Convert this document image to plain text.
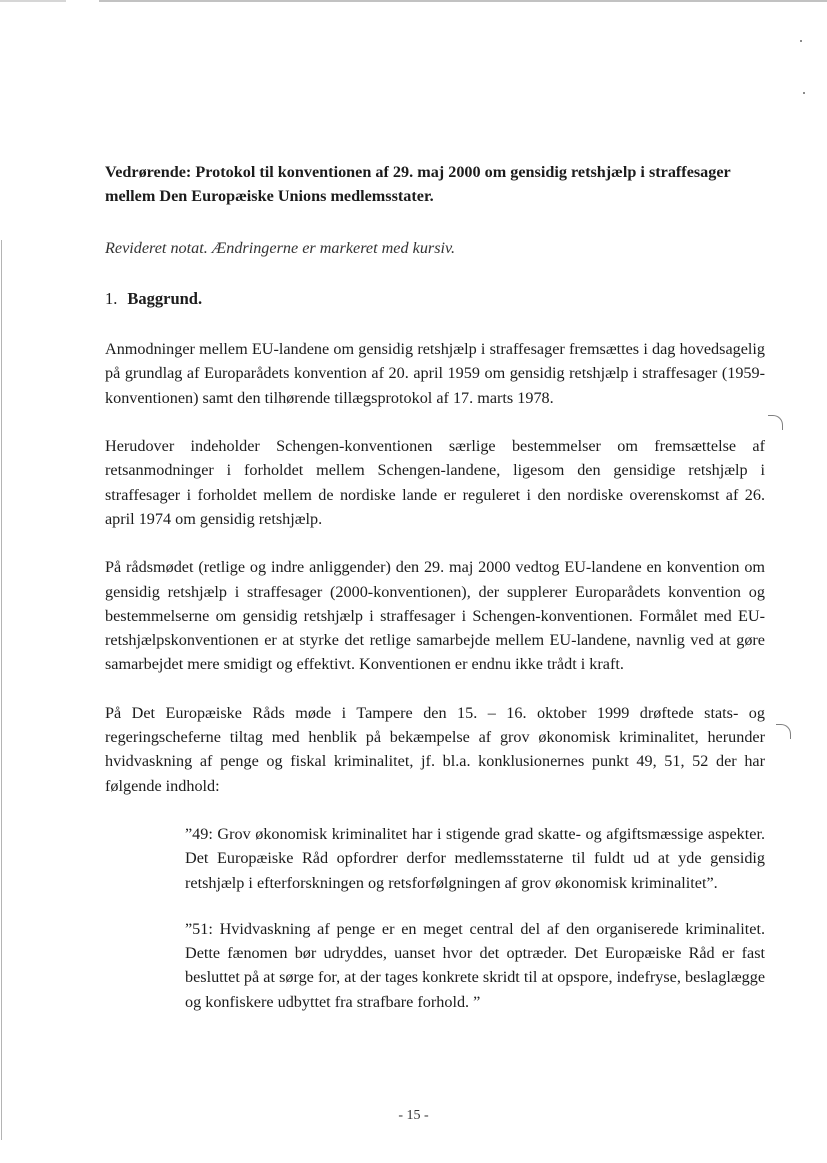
Vedrørende: Protokol til konventionen af 29. maj 2000 om gensidig retshjælp i straffesager mellem Den Europæiske Unions medlemsstater.

Revideret notat. Ændringerne er markeret med kursiv.

1. Baggrund.

Anmodninger mellem EU-landene om gensidig retshjælp i straffesager fremsættes i dag hovedsagelig på grundlag af Europarådets konvention af 20. april 1959 om gensidig retshjælp i straffesager (1959-konventionen) samt den tilhørende tillægsprotokol af 17. marts 1978.

Herudover indeholder Schengen-konventionen særlige bestemmelser om fremsættelse af retsanmodninger i forholdet mellem Schengen-landene, ligesom den gensidige retshjælp i straffesager i forholdet mellem de nordiske lande er reguleret i den nordiske overenskomst af 26. april 1974 om gensidig retshjælp.

På rådsmødet (retlige og indre anliggender) den 29. maj 2000 vedtog EU-landene en konvention om gensidig retshjælp i straffesager (2000-konventionen), der supplerer Europarådets konvention og bestemmelserne om gensidig retshjælp i straffesager i Schengen-konventionen. Formålet med EU-retshjælpskonventionen er at styrke det retlige samarbejde mellem EU-landene, navnlig ved at gøre samarbejdet mere smidigt og effektivt. Konventionen er endnu ikke trådt i kraft.

På Det Europæiske Råds møde i Tampere den 15. – 16. oktober 1999 drøftede stats- og regeringscheferne tiltag med henblik på bekæmpelse af grov økonomisk kriminalitet, herunder hvidvaskning af penge og fiskal kriminalitet, jf. bl.a. konklusionernes punkt 49, 51, 52 der har følgende indhold:

”49: Grov økonomisk kriminalitet har i stigende grad skatte- og afgiftsmæssige aspekter. Det Europæiske Råd opfordrer derfor medlemsstaterne til fuldt ud at yde gensidig retshjælp i efterforskningen og retsforfølgningen af grov økonomisk kriminalitet”.

”51: Hvidvaskning af penge er en meget central del af den organiserede kriminalitet. Dette fænomen bør udryddes, uanset hvor det optræder. Det Europæiske Råd er fast besluttet på at sørge for, at der tages konkrete skridt til at opspore, indefryse, beslaglægge og konfiskere udbyttet fra strafbare forhold. ”

- 15 -
